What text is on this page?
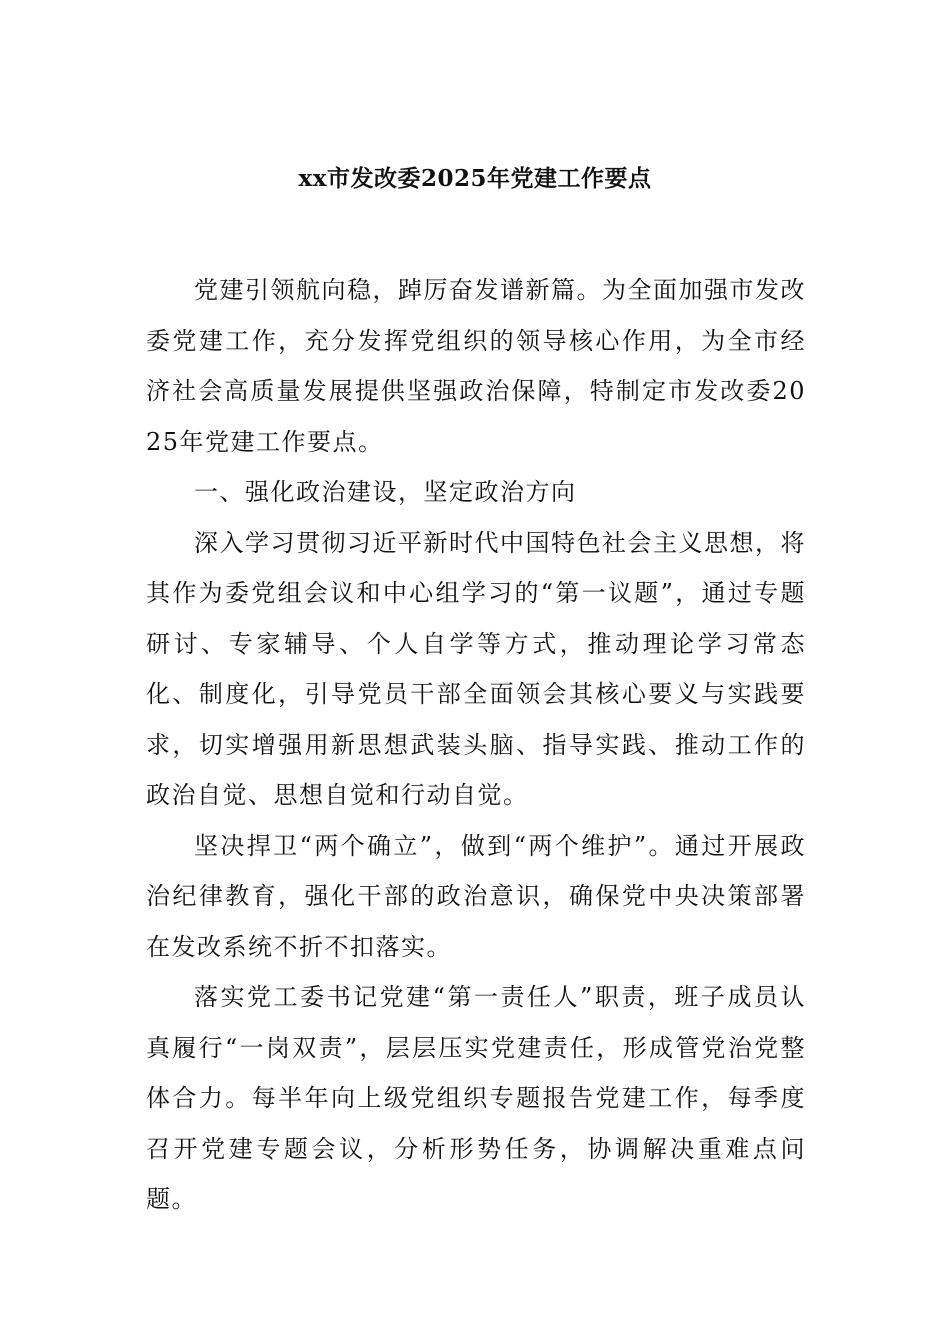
xx市发改委2025年党建工作要点

党建引领航向稳，踔厉奋发谱新篇。为全面加强市发改委党建工作，充分发挥党组织的领导核心作用，为全市经济社会高质量发展提供坚强政治保障，特制定市发改委2025年党建工作要点。

一、强化政治建设，坚定政治方向

深入学习贯彻习近平新时代中国特色社会主义思想，将其作为委党组会议和中心组学习的“第一议题”，通过专题研讨、专家辅导、个人自学等方式，推动理论学习常态化、制度化，引导党员干部全面领会其核心要义与实践要求，切实增强用新思想武装头脑、指导实践、推动工作的政治自觉、思想自觉和行动自觉。

坚决捍卫“两个确立”，做到“两个维护”。通过开展政治纪律教育，强化干部的政治意识，确保党中央决策部署在发改系统不折不扣落实。

落实党工委书记党建“第一责任人”职责，班子成员认真履行“一岗双责”，层层压实党建责任，形成管党治党整体合力。每半年向上级党组织专题报告党建工作，每季度召开党建专题会议，分析形势任务，协调解决重难点问题。
